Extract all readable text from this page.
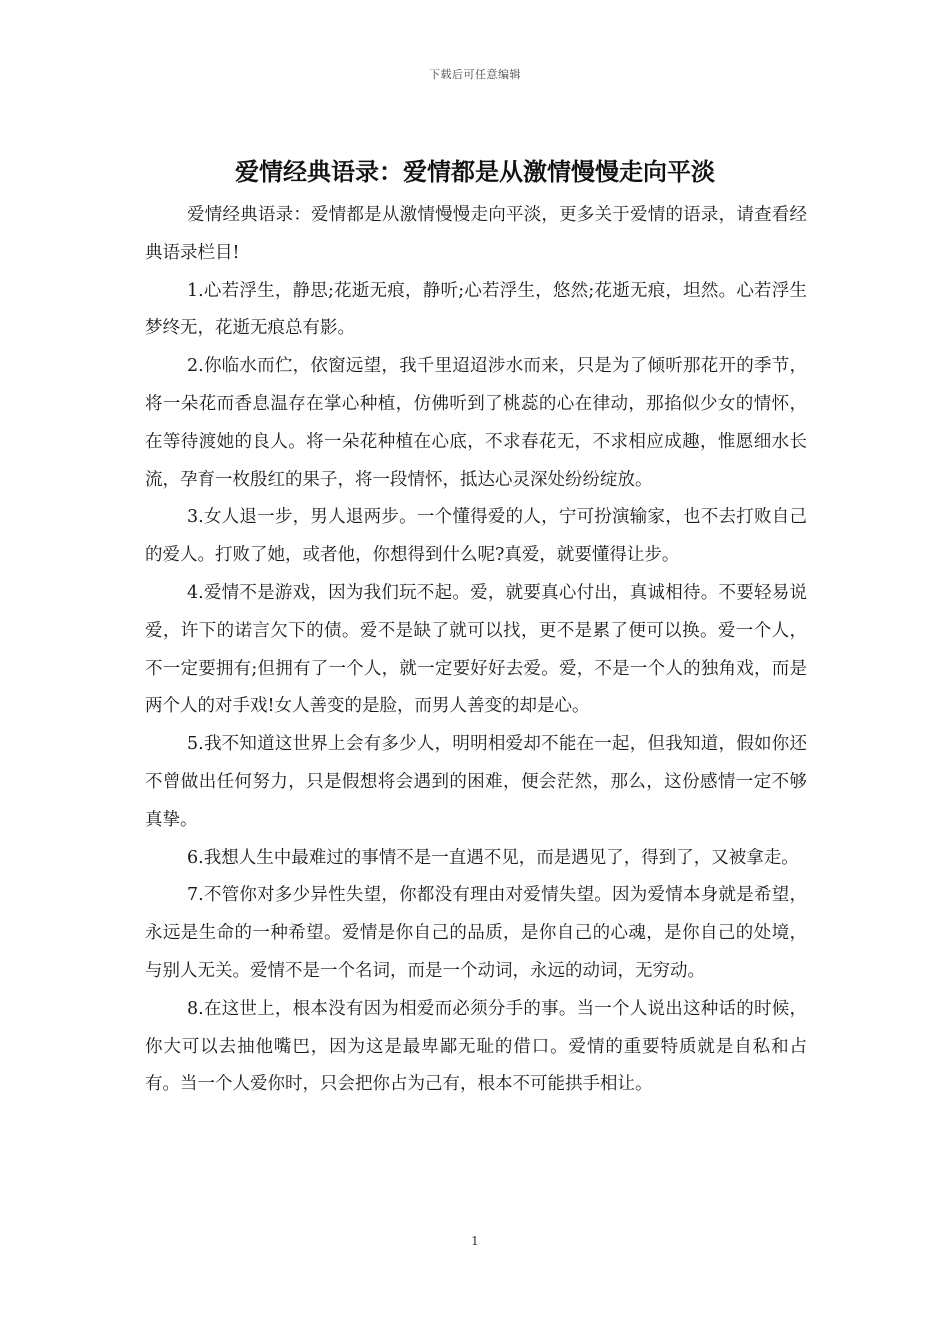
下载后可任意编辑
爱情经典语录：爱情都是从激情慢慢走向平淡

爱情经典语录：爱情都是从激情慢慢走向平淡，更多关于爱情的语录，请查看经典语录栏目!

1.心若浮生，静思;花逝无痕，静听;心若浮生，悠然;花逝无痕，坦然。心若浮生梦终无，花逝无痕总有影。

2.你临水而伫，依窗远望，我千里迢迢涉水而来，只是为了倾听那花开的季节，将一朵花而香息温存在掌心种植，仿佛听到了桃蕊的心在律动，那掐似少女的情怀，在等待渡她的良人。将一朵花种植在心底，不求春花无，不求相应成趣，惟愿细水长流，孕育一枚殷红的果子，将一段情怀，抵达心灵深处纷纷绽放。

3.女人退一步，男人退两步。一个懂得爱的人，宁可扮演输家，也不去打败自己的爱人。打败了她，或者他，你想得到什么呢?真爱，就要懂得让步。

4.爱情不是游戏，因为我们玩不起。爱，就要真心付出，真诚相待。不要轻易说爱，许下的诺言欠下的债。爱不是缺了就可以找，更不是累了便可以换。爱一个人，不一定要拥有;但拥有了一个人，就一定要好好去爱。爱，不是一个人的独角戏，而是两个人的对手戏!女人善变的是脸，而男人善变的却是心。

5.我不知道这世界上会有多少人，明明相爱却不能在一起，但我知道，假如你还不曾做出任何努力，只是假想将会遇到的困难，便会茫然，那么，这份感情一定不够真挚。

6.我想人生中最难过的事情不是一直遇不见，而是遇见了，得到了，又被拿走。

7.不管你对多少异性失望，你都没有理由对爱情失望。因为爱情本身就是希望，永远是生命的一种希望。爱情是你自己的品质，是你自己的心魂，是你自己的处境，与别人无关。爱情不是一个名词，而是一个动词，永远的动词，无穷动。

8.在这世上，根本没有因为相爱而必须分手的事。当一个人说出这种话的时候，你大可以去抽他嘴巴，因为这是最卑鄙无耻的借口。爱情的重要特质就是自私和占有。当一个人爱你时，只会把你占为己有，根本不可能拱手相让。

1
